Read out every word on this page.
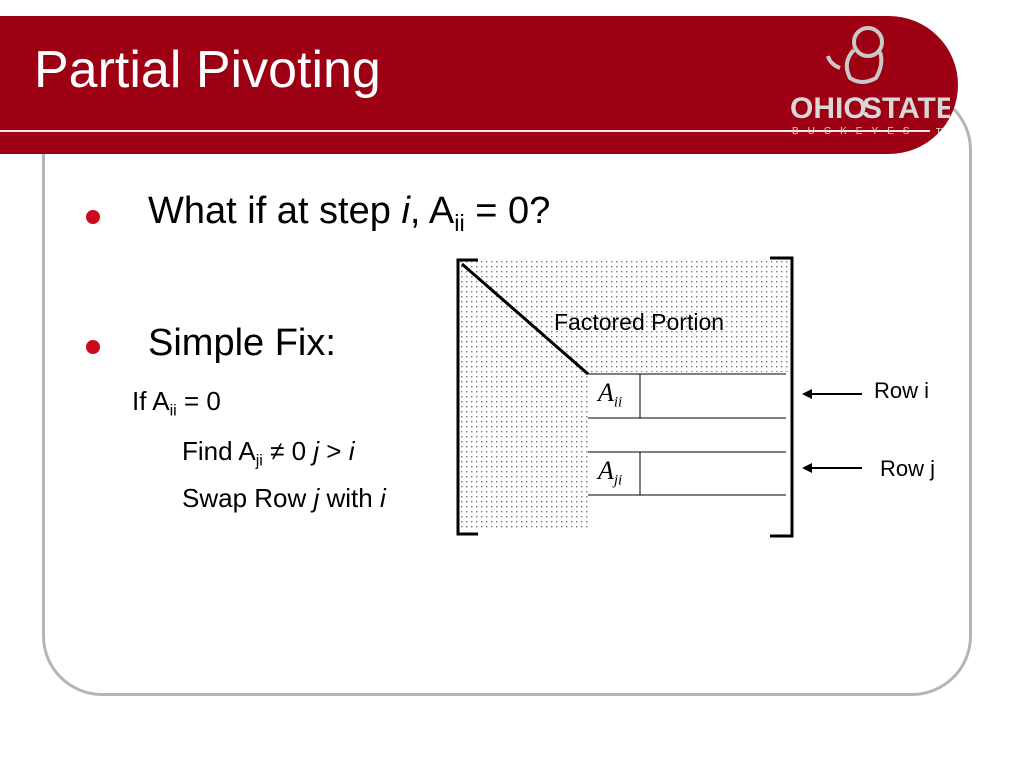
Partial Pivoting
OHIO
STATE
BUCKEYES TM
What if at step i, $A_{ii} = 0$?
Simple Fix:
If $A_{ii} = 0$
Find $A_{ji} \ne 0$ j > i
Swap Row j with i
Factored Portion
$A_{ii}$
$A_{ji}$
Row i
Row j
